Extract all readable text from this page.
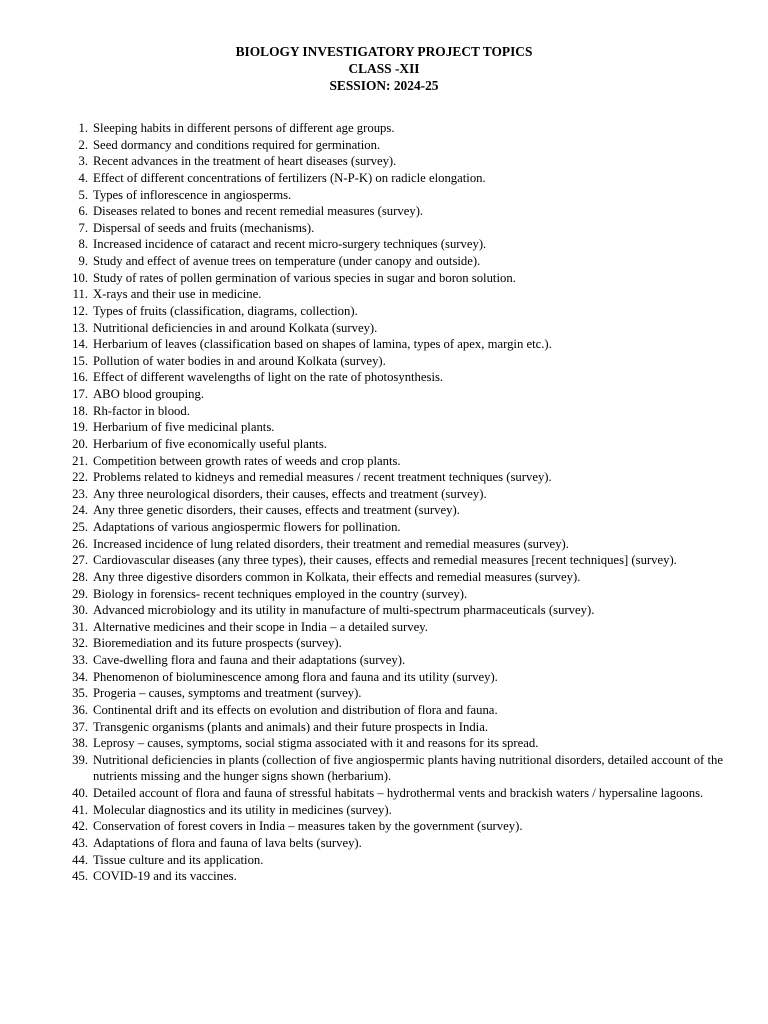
BIOLOGY INVESTIGATORY PROJECT TOPICS
CLASS -XII
SESSION: 2024-25
1. Sleeping habits in different persons of different age groups.
2. Seed dormancy and conditions required for germination.
3. Recent advances in the treatment of heart diseases (survey).
4. Effect of different concentrations of fertilizers (N-P-K) on radicle elongation.
5. Types of inflorescence in angiosperms.
6. Diseases related to bones and recent remedial measures (survey).
7. Dispersal of seeds and fruits (mechanisms).
8. Increased incidence of cataract and recent micro-surgery techniques (survey).
9. Study and effect of avenue trees on temperature (under canopy and outside).
10. Study of rates of pollen germination of various species in sugar and boron solution.
11. X-rays and their use in medicine.
12. Types of fruits (classification, diagrams, collection).
13. Nutritional deficiencies in and around Kolkata (survey).
14. Herbarium of leaves (classification based on shapes of lamina, types of apex, margin etc.).
15. Pollution of water bodies in and around Kolkata (survey).
16. Effect of different wavelengths of light on the rate of photosynthesis.
17. ABO blood grouping.
18. Rh-factor in blood.
19. Herbarium of five medicinal plants.
20. Herbarium of five economically useful plants.
21. Competition between growth rates of weeds and crop plants.
22. Problems related to kidneys and remedial measures / recent treatment techniques (survey).
23. Any three neurological disorders, their causes, effects and treatment (survey).
24. Any three genetic disorders, their causes, effects and treatment (survey).
25. Adaptations of various angiospermic flowers for pollination.
26. Increased incidence of lung related disorders, their treatment and remedial measures (survey).
27. Cardiovascular diseases (any three types), their causes, effects and remedial measures [recent techniques] (survey).
28. Any three digestive disorders common in Kolkata, their effects and remedial measures (survey).
29. Biology in forensics- recent techniques employed in the country (survey).
30. Advanced microbiology and its utility in manufacture of multi-spectrum pharmaceuticals (survey).
31. Alternative medicines and their scope in India – a detailed survey.
32. Bioremediation and its future prospects (survey).
33. Cave-dwelling flora and fauna and their adaptations (survey).
34. Phenomenon of bioluminescence among flora and fauna and its utility (survey).
35. Progeria – causes, symptoms and treatment (survey).
36. Continental drift and its effects on evolution and distribution of flora and fauna.
37. Transgenic organisms (plants and animals) and their future prospects in India.
38. Leprosy – causes, symptoms, social stigma associated with it and reasons for its spread.
39. Nutritional deficiencies in plants (collection of five angiospermic plants having nutritional disorders, detailed account of the nutrients missing and the hunger signs shown (herbarium).
40. Detailed account of flora and fauna of stressful habitats – hydrothermal vents and brackish waters / hypersaline lagoons.
41. Molecular diagnostics and its utility in medicines (survey).
42. Conservation of forest covers in India – measures taken by the government (survey).
43. Adaptations of flora and fauna of lava belts (survey).
44. Tissue culture and its application.
45. COVID-19 and its vaccines.
